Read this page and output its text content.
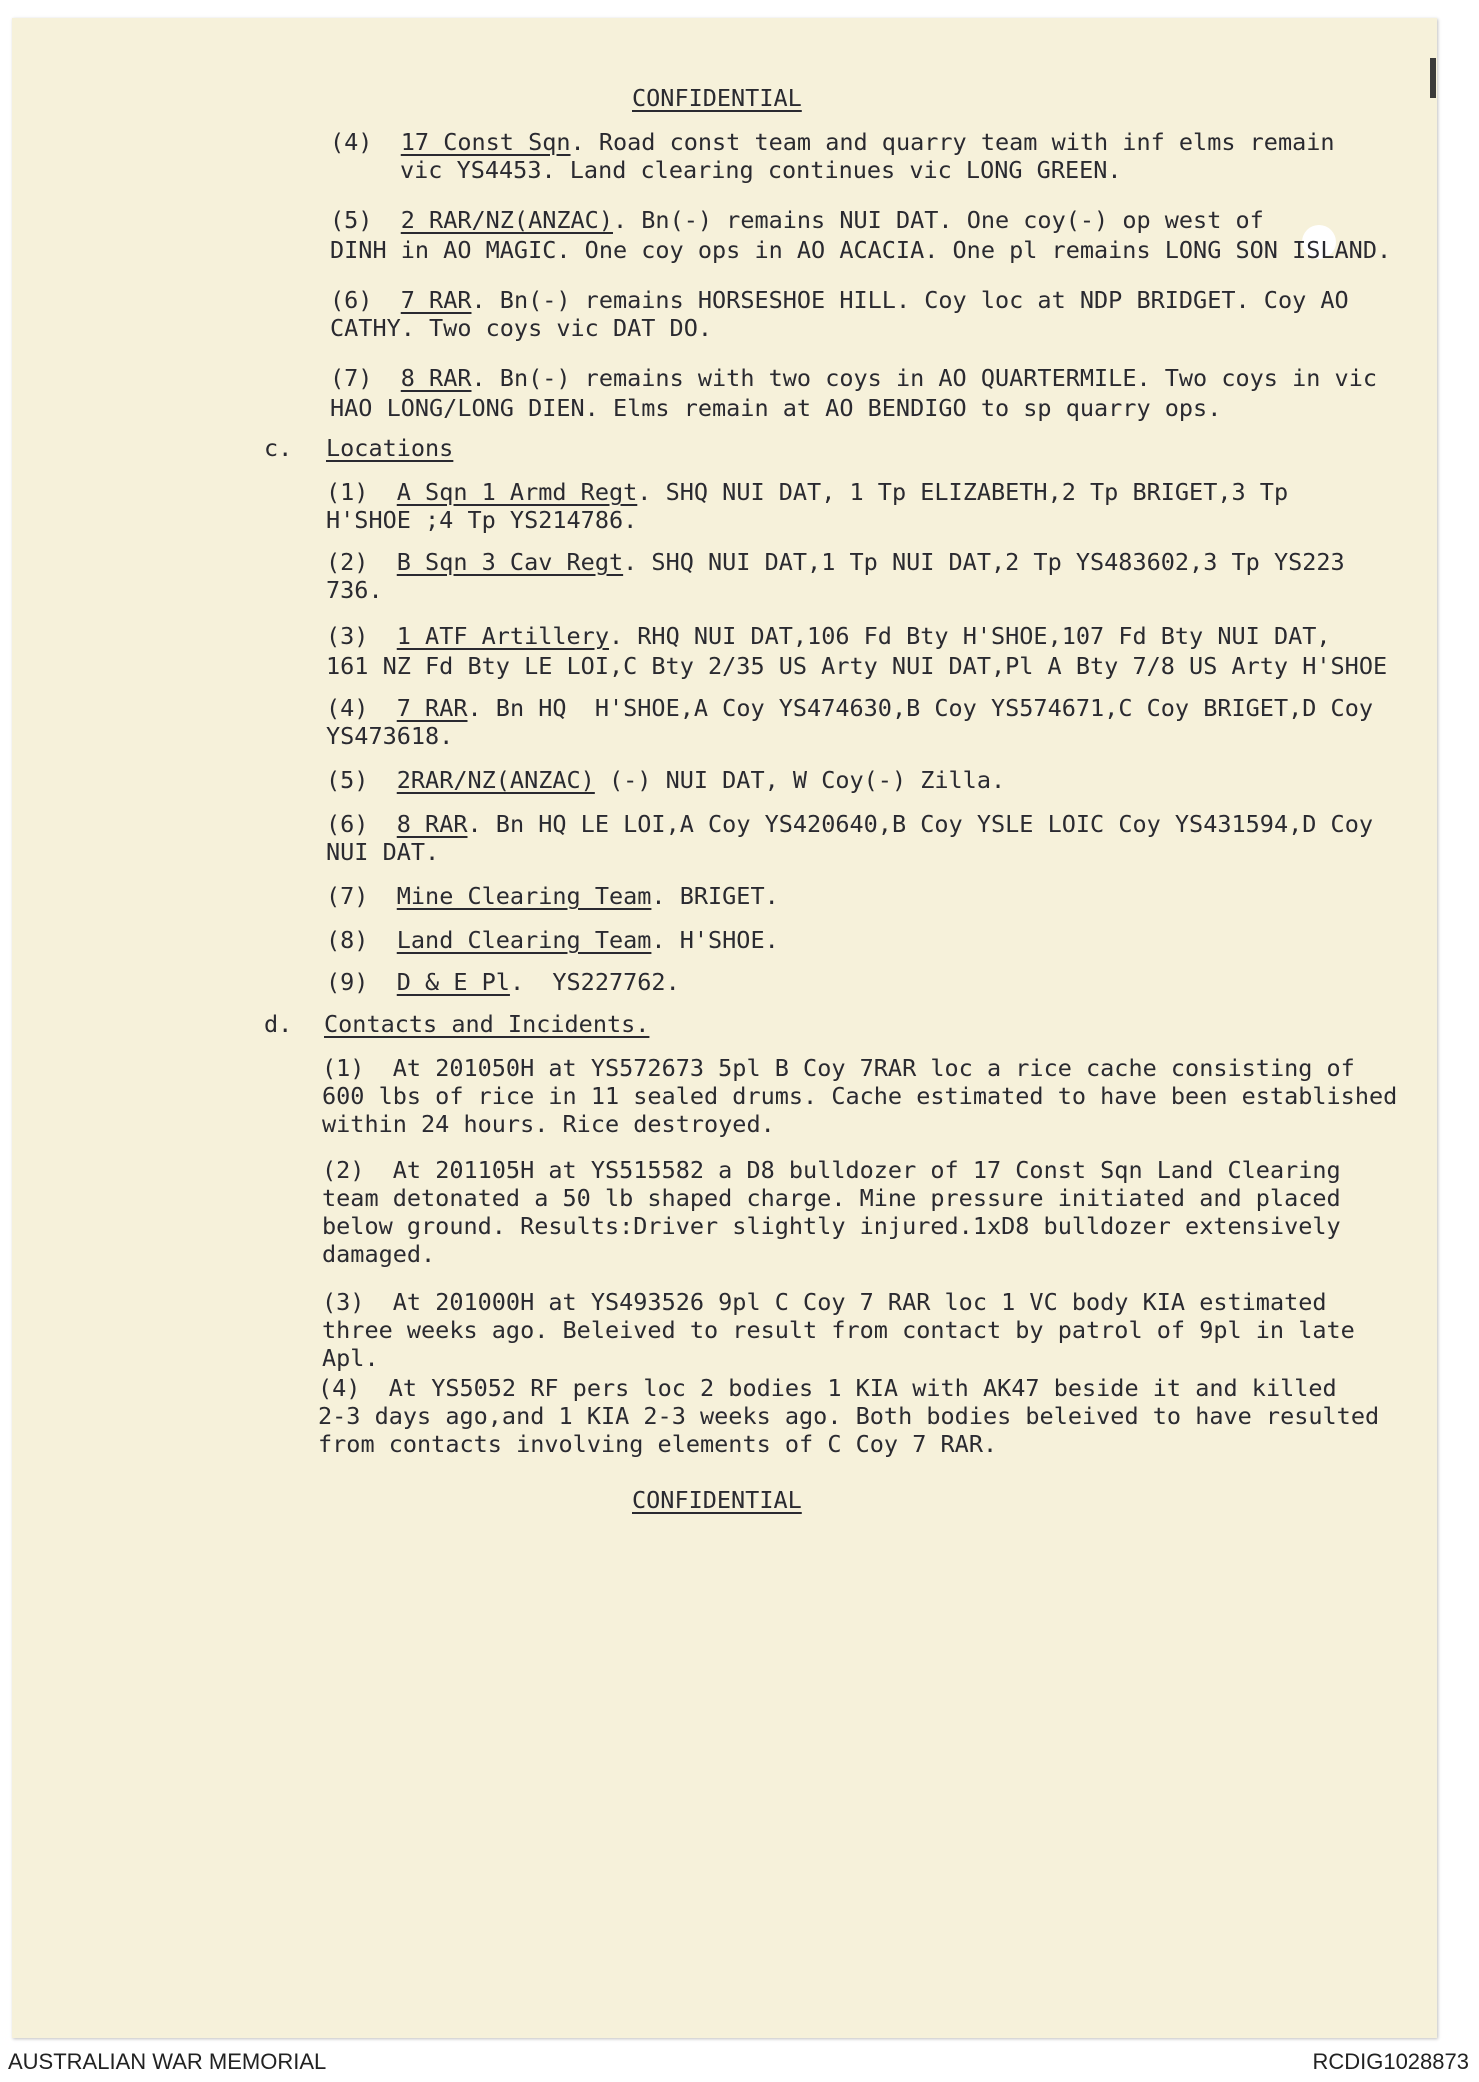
CONFIDENTIAL
(4) 17 Const Sqn. Road const team and quarry team with inf elms remain
vic YS4453. Land clearing continues vic LONG GREEN.
(5) 2 RAR/NZ(ANZAC). Bn(-) remains NUI DAT. One coy(-) op west of
DINH in AO MAGIC. One coy ops in AO ACACIA. One pl remains LONG SON ISLAND.
(6) 7 RAR. Bn(-) remains HORSESHOE HILL. Coy loc at NDP BRIDGET. Coy AO
CATHY. Two coys vic DAT DO.
(7) 8 RAR. Bn(-) remains with two coys in AO QUARTERMILE. Two coys in vic
HAO LONG/LONG DIEN. Elms remain at AO BENDIGO to sp quarry ops.
c. Locations
(1) A Sqn 1 Armd Regt. SHQ NUI DAT, 1 Tp ELIZABETH,2 Tp BRIGET,3 Tp
H'SHOE ;4 Tp YS214786.
(2) B Sqn 3 Cav Regt. SHQ NUI DAT,1 Tp NUI DAT,2 Tp YS483602,3 Tp YS223
736.
(3) 1 ATF Artillery. RHQ NUI DAT,106 Fd Bty H'SHOE,107 Fd Bty NUI DAT,
161 NZ Fd Bty LE LOI,C Bty 2/35 US Arty NUI DAT,Pl A Bty 7/8 US Arty H'SHOE
(4) 7 RAR. Bn HQ  H'SHOE,A Coy YS474630,B Coy YS574671,C Coy BRIGET,D Coy
YS473618.
(5) 2RAR/NZ(ANZAC) (-) NUI DAT, W Coy(-) Zilla.
(6) 8 RAR. Bn HQ LE LOI,A Coy YS420640,B Coy YSLE LOIC Coy YS431594,D Coy
NUI DAT.
(7) Mine Clearing Team. BRIGET.
(8) Land Clearing Team. H'SHOE.
(9) D & E Pl.  YS227762.
d. Contacts and Incidents.
(1) At 201050H at YS572673 5pl B Coy 7RAR loc a rice cache consisting of
600 lbs of rice in 11 sealed drums. Cache estimated to have been established
within 24 hours. Rice destroyed.
(2) At 201105H at YS515582 a D8 bulldozer of 17 Const Sqn Land Clearing
team detonated a 50 lb shaped charge. Mine pressure initiated and placed
below ground. Results:Driver slightly injured.1xD8 bulldozer extensively
damaged.
(3) At 201000H at YS493526 9pl C Coy 7 RAR loc 1 VC body KIA estimated
three weeks ago. Beleived to result from contact by patrol of 9pl in late
Apl.
(4) At YS5052 RF pers loc 2 bodies 1 KIA with AK47 beside it and killed
2-3 days ago,and 1 KIA 2-3 weeks ago. Both bodies beleived to have resulted
from contacts involving elements of C Coy 7 RAR.
CONFIDENTIAL
AUSTRALIAN WAR MEMORIAL	RCDIG1028873
